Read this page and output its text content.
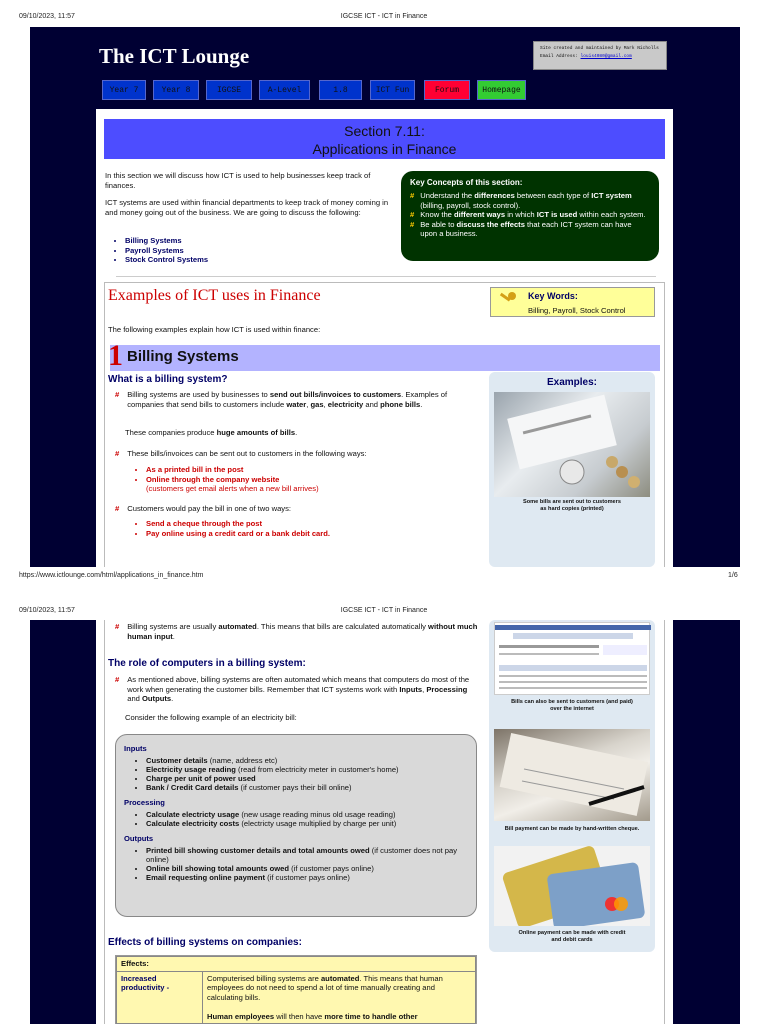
09/10/2023, 11:57	IGCSE ICT - ICT in Finance
The ICT Lounge	Site created and maintained by Mark Nicholls
Email Address: louis4080@gmail.com
Year 7	Year 8	IGCSE	A-Level	1.8	ICT Fun	Forum	Homepage
Section 7.11:
Applications in Finance
In this section we will discuss how ICT is used to help businesses keep track of finances.
ICT systems are used within financial departments to keep track of money coming in and money going out of the business. We are going to discuss the following:
• Billing Systems
• Payroll Systems
• Stock Control Systems
Key Concepts of this section:
# Understand the differences between each type of ICT system (billing, payroll, stock control).
# Know the different ways in which ICT is used within each system.
# Be able to discuss the effects that each ICT system can have upon a business.
Examples of ICT uses in Finance	Key Words:
Billing, Payroll, Stock Control
The following examples explain how ICT is used within finance:
1 Billing Systems
What is a billing system?
# Billing systems are used by businesses to send out bills/invoices to customers. Examples of companies that send bills to customers include water, gas, electricity and phone bills.
These companies produce huge amounts of bills.
# These bills/invoices can be sent out to customers in the following ways:
• As a printed bill in the post
• Online through the company website
(customers get email alerts when a new bill arrives)
# Customers would pay the bill in one of two ways:
• Send a cheque through the post
• Pay online using a credit card or a bank debit card.
Examples:
Some bills are sent out to customers
as hard copies (printed)
https://www.ictlounge.com/html/applications_in_finance.htm	1/6
09/10/2023, 11:57	IGCSE ICT - ICT in Finance
# Billing systems are usually automated. This means that bills are calculated automatically without much human input.
The role of computers in a billing system:
# As mentioned above, billing systems are often automated which means that computers do most of the work when generating the customer bills. Remember that ICT systems work with Inputs, Processing and Outputs.
Consider the following example of an electricity bill:
Inputs
• Customer details (name, address etc)
• Electricity usage reading (read from electricity meter in customer's home)
• Charge per unit of power used
• Bank / Credit Card details (if customer pays their bill online)
Processing
• Calculate electricty usage (new usage reading minus old usage reading)
• Calculate electricity costs (electricty usage multiplied by charge per unit)
Outputs
• Printed bill showing customer details and total amounts owed (if customer does not pay online)
• Online bill showing total amounts owed (if customer pays online)
• Email requesting online payment (if customer pays online)
Effects of billing systems on companies:
Effects:
Increased productivity -	Computerised billing systems are automated. This means that human employees do not need to spend a lot of time manually creating and calculating bills.

Human employees will then have more time to handle other
Bills can also be sent to customers (and paid)
over the internet
Bill payment can be made by hand-written cheque.
Online payment can be made with credit
and debit cards
